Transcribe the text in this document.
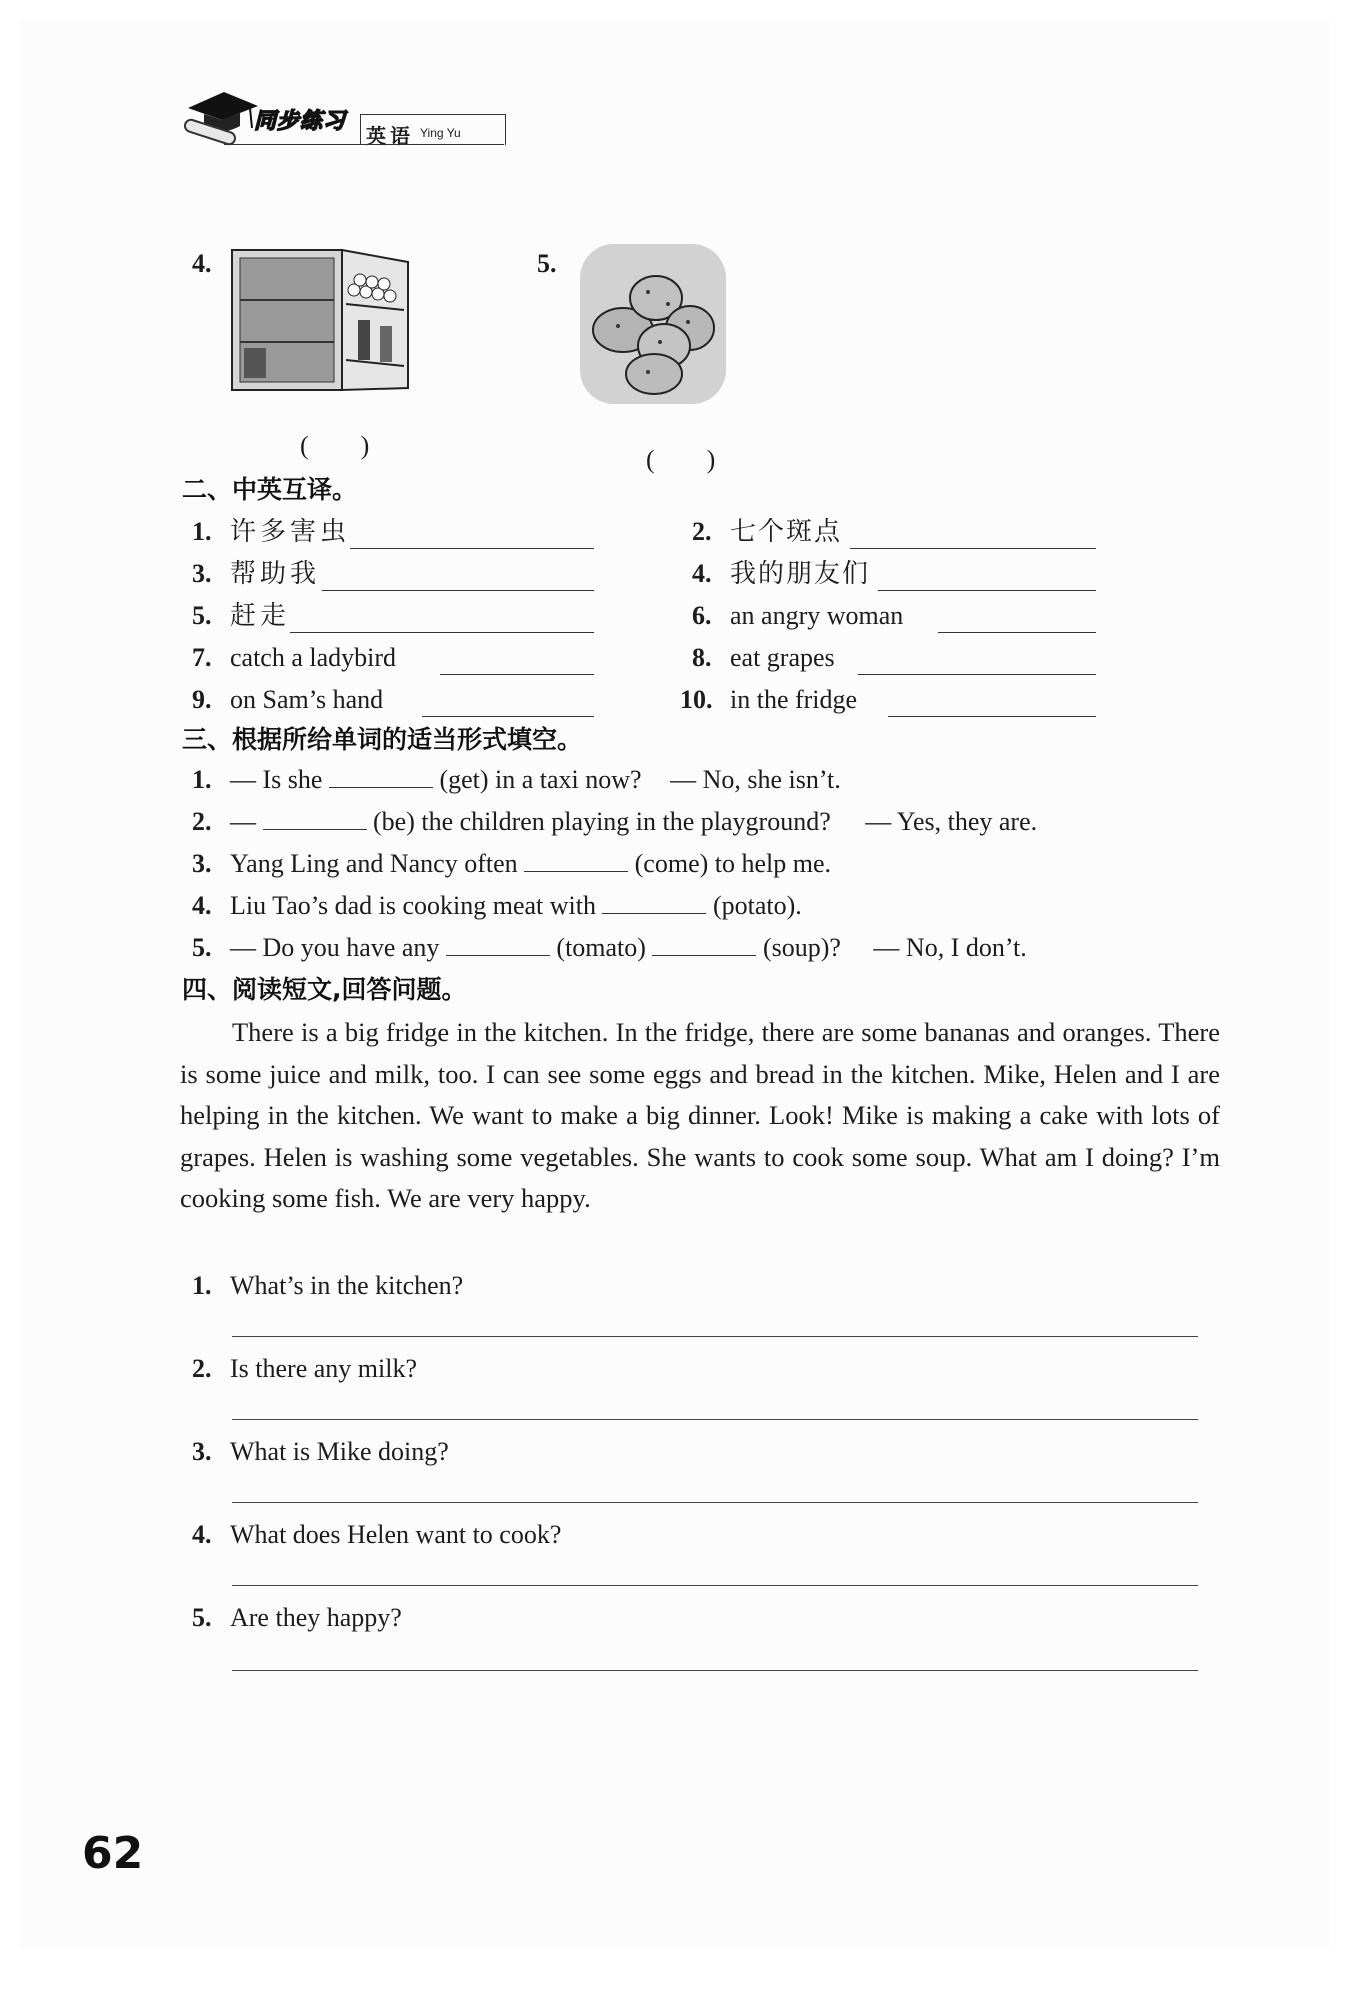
同步练习
英语 Ying Yu
4.
(　　)
5.
(　　)
二、中英互译。
1. 许多害虫	2. 七个斑点
3. 帮助我	4. 我的朋友们
5. 赶走	6. an angry woman
7. catch a ladybird	8. eat grapes
9. on Sam’s hand	10. in the fridge
三、根据所给单词的适当形式填空。
1. — Is she	(get) in a taxi now? — No, she isn’t.
2. —	(be) the children playing in the playground? — Yes, they are.
3. Yang Ling and Nancy often	(come) to help me.
4. Liu Tao’s dad is cooking meat with	(potato).
5. — Do you have any	(tomato)	(soup)? — No, I don’t.
四、阅读短文,回答问题。
There is a big fridge in the kitchen. In the fridge, there are some bananas and oranges. There is some juice and milk, too. I can see some eggs and bread in the kitchen. Mike, Helen and I are helping in the kitchen. We want to make a big dinner. Look! Mike is making a cake with lots of grapes. Helen is washing some vegetables. She wants to cook some soup. What am I doing? I’m cooking some fish. We are very happy.
1. What’s in the kitchen?
2. Is there any milk?
3. What is Mike doing?
4. What does Helen want to cook?
5. Are they happy?
62
